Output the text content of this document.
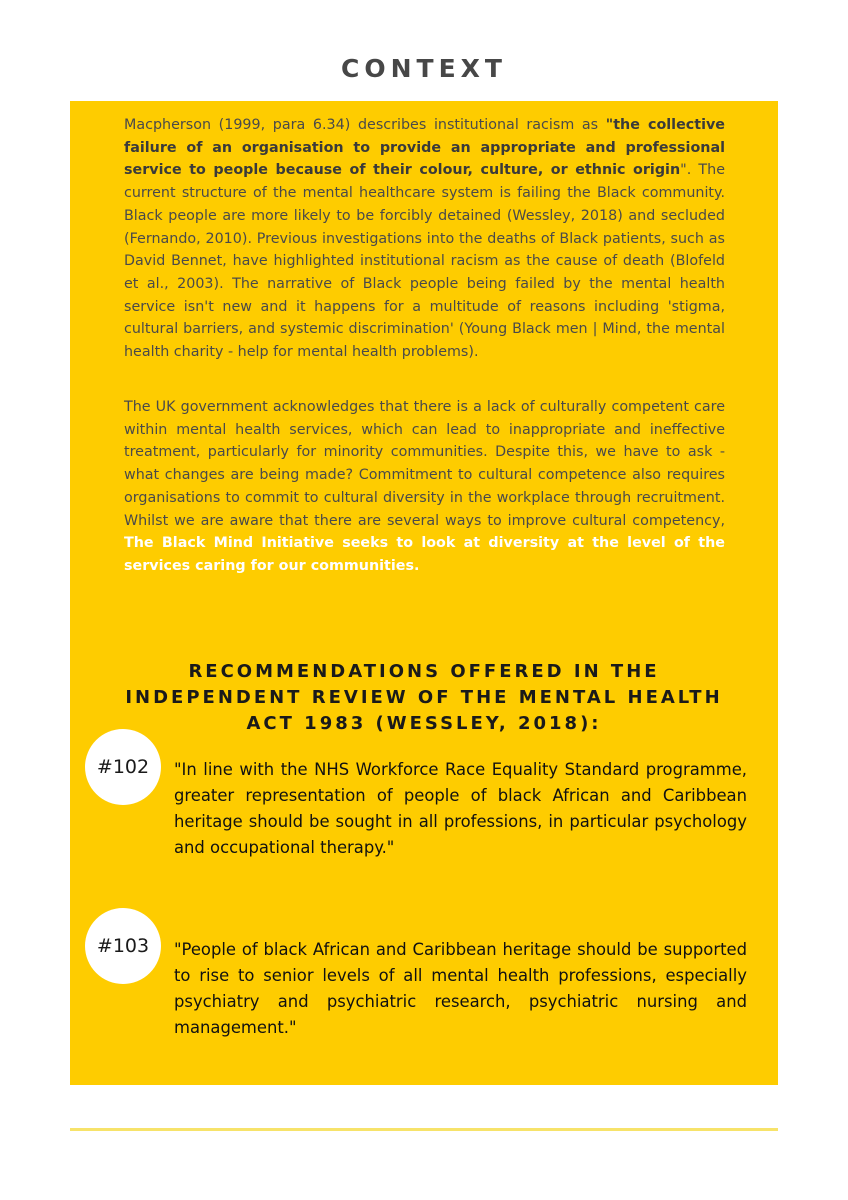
CONTEXT
Macpherson (1999, para 6.34) describes institutional racism as "the collective failure of an organisation to provide an appropriate and professional service to people because of their colour, culture, or ethnic origin". The current structure of the mental healthcare system is failing the Black community. Black people are more likely to be forcibly detained (Wessley, 2018) and secluded (Fernando, 2010). Previous investigations into the deaths of Black patients, such as David Bennet, have highlighted institutional racism as the cause of death (Blofeld et al., 2003). The narrative of Black people being failed by the mental health service isn't new and it happens for a multitude of reasons including 'stigma, cultural barriers, and systemic discrimination' (Young Black men | Mind, the mental health charity - help for mental health problems).
The UK government acknowledges that there is a lack of culturally competent care within mental health services, which can lead to inappropriate and ineffective treatment, particularly for minority communities. Despite this, we have to ask - what changes are being made? Commitment to cultural competence also requires organisations to commit to cultural diversity in the workplace through recruitment. Whilst we are aware that there are several ways to improve cultural competency, The Black Mind Initiative seeks to look at diversity at the level of the services caring for our communities.
RECOMMENDATIONS OFFERED IN THE INDEPENDENT REVIEW OF THE MENTAL HEALTH ACT 1983 (WESSLEY, 2018):
#102	"In line with the NHS Workforce Race Equality Standard programme, greater representation of people of black African and Caribbean heritage should be sought in all professions, in particular psychology and occupational therapy."
#103	"People of black African and Caribbean heritage should be supported to rise to senior levels of all mental health professions, especially psychiatry and psychiatric research, psychiatric nursing and management."
